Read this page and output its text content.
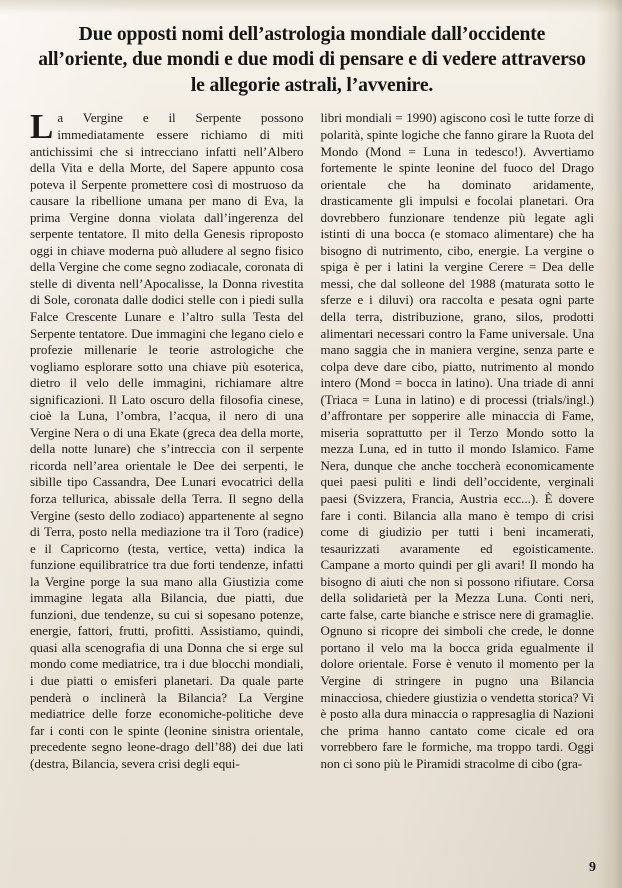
Due opposti nomi dell’astrologia mondiale dall’occidente all’oriente, due mondi e due modi di pensare e di vedere attraverso le allegorie astrali, l’avvenire.

La Vergine e il Serpente possono immediatamente essere richiamo di miti antichissimi che si intrecciano infatti nell’Albero della Vita e della Morte, del Sapere appunto cosa poteva il Serpente promettere così di mostruoso da causare la ribellione umana per mano di Eva, la prima Vergine donna violata dall’ingerenza del serpente tentatore. Il mito della Genesis riproposto oggi in chiave moderna può alludere al segno fisico della Vergine che come segno zodiacale, coronata di stelle di diventa nell’Apocalisse, la Donna rivestita di Sole, coronata dalle dodici stelle con i piedi sulla Falce Crescente Lunare e l’altro sulla Testa del Serpente tentatore. Due immagini che legano cielo e profezie millenarie le teorie astrologiche che vogliamo esplorare sotto una chiave più esoterica, dietro il velo delle immagini, richiamare altre significazioni. Il Lato oscuro della filosofia cinese, cioè la Luna, l’ombra, l’acqua, il nero di una Vergine Nera o di una Ekate (greca dea della morte, della notte lunare) che s’intreccia con il serpente ricorda nell’area orientale le Dee dei serpenti, le sibille tipo Cassandra, Dee Lunari evocatrici della forza tellurica, abissale della Terra. Il segno della Vergine (sesto dello zodiaco) appartenente al segno di Terra, posto nella mediazione tra il Toro (radice) e il Capricorno (testa, vertice, vetta) indica la funzione equilibratrice tra due forti tendenze, infatti la Vergine porge la sua mano alla Giustizia come immagine legata alla Bilancia, due piatti, due funzioni, due tendenze, su cui si sopesano potenze, energie, fattori, frutti, profitti. Assistiamo, quindi, quasi alla scenografia di una Donna che si erge sul mondo come mediatrice, tra i due blocchi mondiali, i due piatti o emisferi planetari. Da quale parte penderà o inclinerà la Bilancia? La Vergine mediatrice delle forze economiche-politiche deve far i conti con le spinte (leonine sinistra orientale, precedente segno leone-drago dell’88) dei due lati (destra, Bilancia, severa crisi degli equi-

libri mondiali = 1990) agiscono così le tutte forze di polarità, spinte logiche che fanno girare la Ruota del Mondo (Mond = Luna in tedesco!). Avvertiamo fortemente le spinte leonine del fuoco del Drago orientale che ha dominato aridamente, drasticamente gli impulsi e focolai planetari. Ora dovrebbero funzionare tendenze più legate agli istinti di una bocca (e stomaco alimentare) che ha bisogno di nutrimento, cibo, energie. La vergine o spiga è per i latini la vergine Cerere = Dea delle messi, che dal solleone del 1988 (maturata sotto le sferze e i diluvi) ora raccolta e pesata ogni parte della terra, distribuzione, grano, silos, prodotti alimentari necessari contro la Fame universale. Una mano saggia che in maniera vergine, senza parte e colpa deve dare cibo, piatto, nutrimento al mondo intero (Mond = bocca in latino). Una triade di anni (Triaca = Luna in latino) e di processi (trials/ingl.) d’affrontare per sopperire alle minaccia di Fame, miseria soprattutto per il Terzo Mondo sotto la mezza Luna, ed in tutto il mondo Islamico. Fame Nera, dunque che anche toccherà economicamente quei paesi puliti e lindi dell’occidente, verginali paesi (Svizzera, Francia, Austria ecc...). È dovere fare i conti. Bilancia alla mano è tempo di crisi come di giudizio per tutti i beni incamerati, tesaurizzati avaramente ed egoisticamente. Campane a morto quindi per gli avari! Il mondo ha bisogno di aiuti che non si possono rifiutare. Corsa della solidarietà per la Mezza Luna. Conti neri, carte false, carte bianche e strisce nere di gramaglie. Ognuno si ricopre dei simboli che crede, le donne portano il velo ma la bocca grida egualmente il dolore orientale. Forse è venuto il momento per la Vergine di stringere in pugno una Bilancia minacciosa, chiedere giustizia o vendetta storica? Vi è posto alla dura minaccia o rappresaglia di Nazioni che prima hanno cantato come cicale ed ora vorrebbero fare le formiche, ma troppo tardi. Oggi non ci sono più le Piramidi stracolme di cibo (gra-

9
